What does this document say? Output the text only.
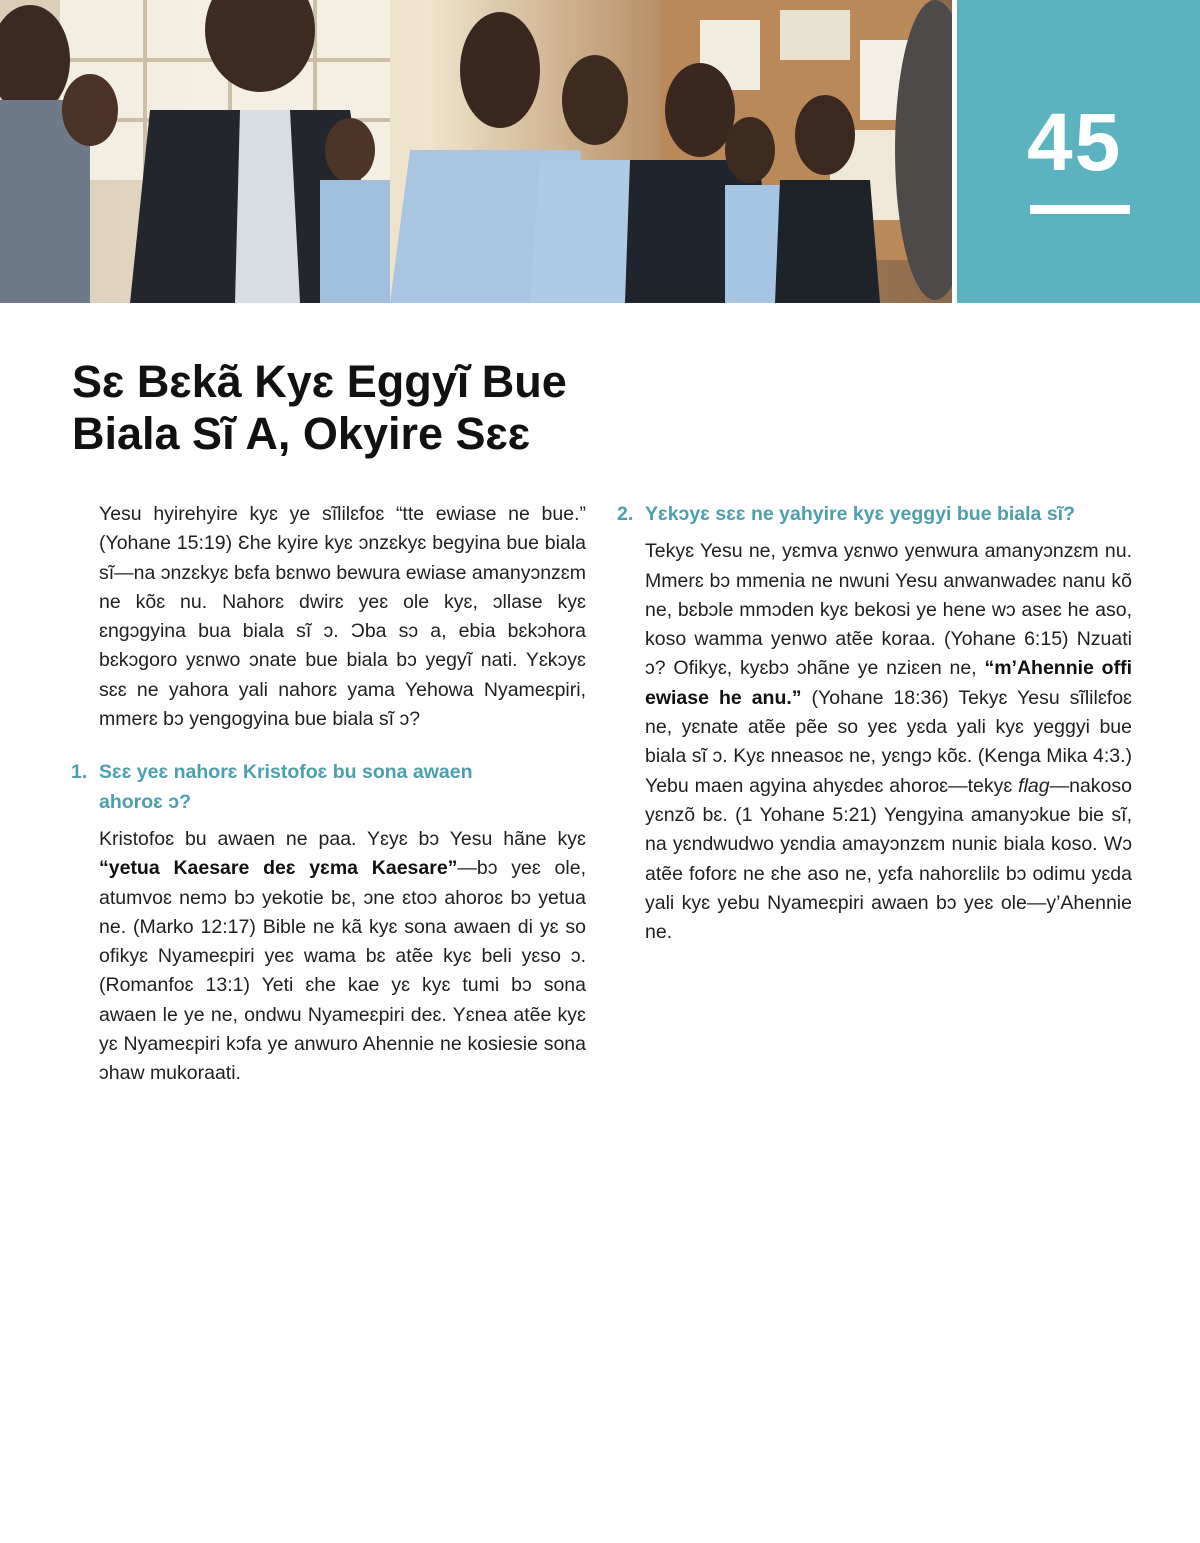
45
Sɛ Bɛkã Kyɛ Eggyĩ Bue
Biala Sĩ A, Okyire Sɛɛ

Yesu hyirehyire kyɛ ye sĩlilɛfoɛ “tte ewiase ne bue.” (Yohane 15:19) Ɛhe kyire kyɛ ɔnzɛkyɛ begyina bue biala sĩ—na ɔnzɛkyɛ bɛfa bɛnwo bewura ewiase amanyɔnzɛm ne kõɛ nu. Nahorɛ dwirɛ yeɛ ole kyɛ, ɔllase kyɛ ɛngɔgyina bua biala sĩ ɔ. Ɔba sɔ a, ebia bɛkɔhora bɛkɔgoro yɛnwo ɔnate bue biala bɔ yegyĩ nati. Yɛkɔyɛ sɛɛ ne yahora yali nahorɛ yama Yehowa Nyameɛpiri, mmerɛ bɔ yengogyina bue biala sĩ ɔ?

1. Sɛɛ yeɛ nahorɛ Kristofoɛ bu sona awaen
ahoroɛ ɔ?

Kristofoɛ bu awaen ne paa. Yɛyɛ bɔ Yesu hãne kyɛ “yetua Kaesare deɛ yɛma Kaesare”—bɔ yeɛ ole, atumvoɛ nemɔ bɔ yekotie bɛ, ɔne ɛtoɔ ahoroɛ bɔ yetua ne. (Marko 12:17) Bible ne kã kyɛ sona awaen di yɛ so ofikyɛ Nyameɛpiri yeɛ wama bɛ atẽe kyɛ beli yɛso ɔ. (Romanfoɛ 13:1) Yeti ɛhe kae yɛ kyɛ tumi bɔ sona awaen le ye ne, ondwu Nyameɛpiri deɛ. Yɛnea atẽe kyɛ yɛ Nyameɛpiri kɔfa ye anwuro Ahennie ne kosiesie sona ɔhaw mukoraati.

2. Yɛkɔyɛ sɛɛ ne yahyire kyɛ yeggyi bue biala sĩ?

Tekyɛ Yesu ne, yɛmva yɛnwo yenwura amanyɔnzɛm nu. Mmerɛ bɔ mmenia ne nwuni Yesu anwanwadeɛ nanu kõ ne, bɛbɔle mmɔden kyɛ bekosi ye hene wɔ aseɛ he aso, koso wamma yenwo atẽe koraa. (Yohane 6:15) Nzuati ɔ? Ofikyɛ, kyɛbɔ ɔhãne ye nziɛen ne, “m’Ahennie offi ewiase he anu.” (Yohane 18:36) Tekyɛ Yesu sĩlilɛfoɛ ne, yɛnate atẽe pẽe so yeɛ yɛda yali kyɛ yeggyi bue biala sĩ ɔ. Kyɛ nneasoɛ ne, yɛngɔ kõɛ. (Kenga Mika 4:3.) Yebu maen agyina ahyɛdeɛ ahoroɛ—tekyɛ flag—nakoso yɛnzõ bɛ. (1 Yohane 5:21) Yengyina amanyɔkue bie sĩ, na yɛndwudwo yɛndia amayɔnzɛm nuniɛ biala koso. Wɔ atẽe foforɛ ne ɛhe aso ne, yɛfa nahorɛlilɛ bɔ odimu yɛda yali kyɛ yebu Nyameɛpiri awaen bɔ yeɛ ole—y’Ahennie ne.
